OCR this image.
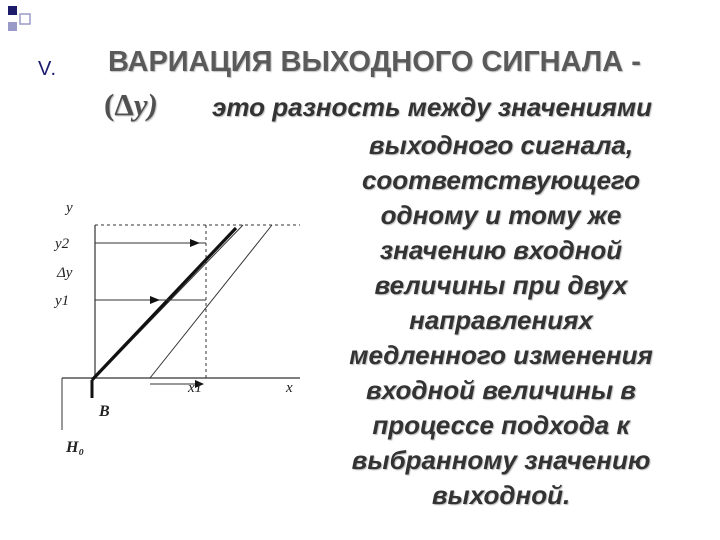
V. ВАРИАЦИЯ ВЫХОДНОГО СИГНАЛА -
(Δy) это разность между значениями
выходного сигнала,
соответствующего
одному и тому же
значению входной
величины при двух
направлениях
медленного изменения
входной величины в
процессе подхода к
выбранному значению
выходной.
y
y2
Δy
y1
x1	x
B
H₀
